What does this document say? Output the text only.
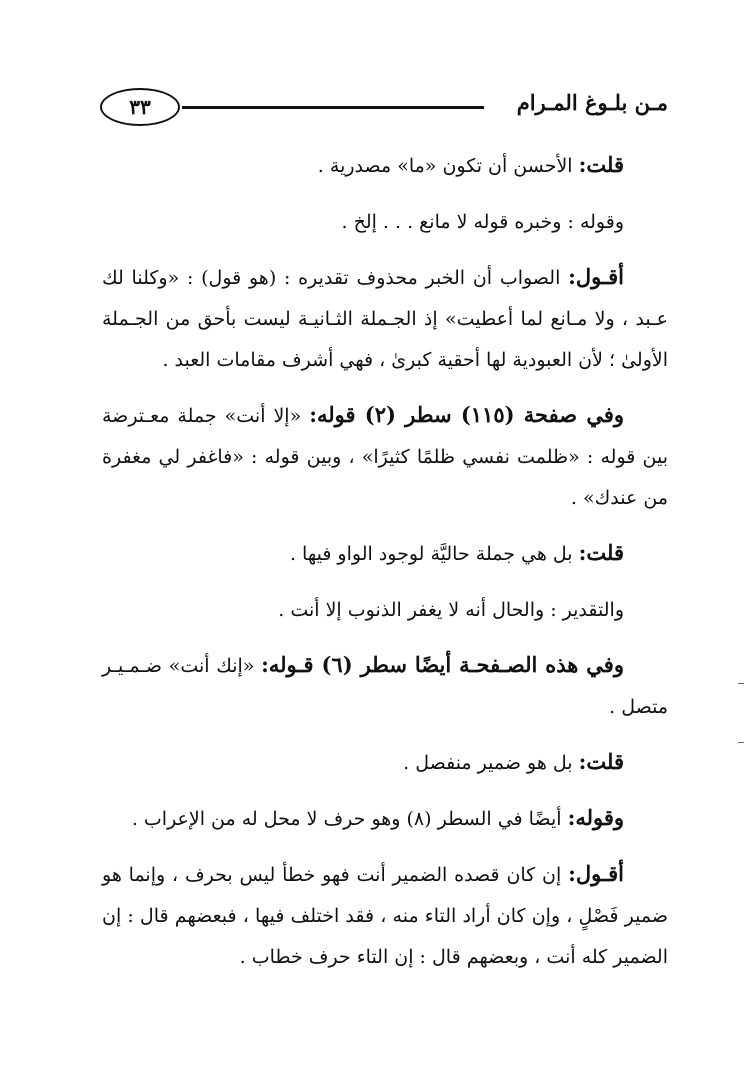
٣٣	مـن بلـوغ المـرام

قلت: الأحسن أن تكون «ما» مصدرية .

وقوله : وخبره قوله لا مانع . . . إلخ .

أقـول: الصواب أن الخبر محذوف تقديره : (هو قول) : «وكلنا لك عـبد ، ولا مـانع لما أعطيت» إذ الجـملة الثـانيـة ليست بأحق من الجـملة الأولىٰ ؛ لأن العبودية لها أحقية كبرىٰ ، فهي أشرف مقامات العبد .

وفي صفحة (١١٥) سطر (٢) قوله: «إلا أنت» جملة معـترضة بين قوله : «ظلمت نفسي ظلمًا كثيرًا» ، وبين قوله : «فاغفر لي مغفرة من عندك» .

قلت: بل هي جملة حاليَّة لوجود الواو فيها .

والتقدير : والحال أنه لا يغفر الذنوب إلا أنت .

وفي هذه الصـفحـة أيضًا سطر (٦) قـوله: «إنك أنت» ضـمـيـر متصل .

قلت: بل هو ضمير منفصل .

وقوله: أيضًا في السطر (٨) وهو حرف لا محل له من الإعراب .

أقـول: إن كان قصده الضمير أنت فهو خطأ ليس بحرف ، وإنما هو ضمير فَصْلٍ ، وإن كان أراد التاء منه ، فقد اختلف فيها ، فبعضهم قال : إن الضمير كله أنت ، وبعضهم قال : إن التاء حرف خطاب .
